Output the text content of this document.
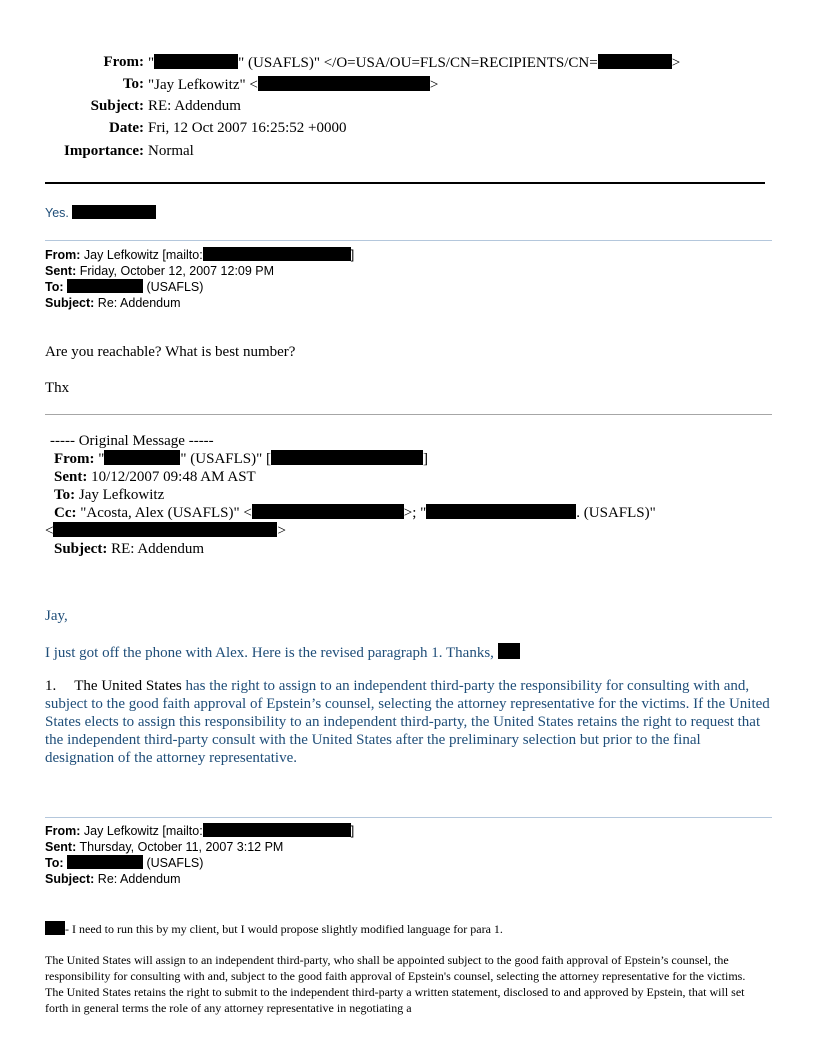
From: "	" (USAFLS)" </O=USA/OU=FLS/CN=RECIPIENTS/CN=	>
To: "Jay Lefkowitz" <	>
Subject: RE: Addendum
Date: Fri, 12 Oct 2007 16:25:52 +0000
Importance: Normal
Yes.
From: Jay Lefkowitz [mailto:	]
Sent: Friday, October 12, 2007 12:09 PM
To:	(USAFLS)
Subject: Re: Addendum
Are you reachable? What is best number?
Thx
----- Original Message -----
From: "	" (USAFLS)" [	]
Sent: 10/12/2007 09:48 AM AST
To: Jay Lefkowitz
Cc: "Acosta, Alex (USAFLS)" <	>; "	. (USAFLS)"
<	>
Subject: RE: Addendum
Jay,
I just got off the phone with Alex. Here is the revised paragraph 1. Thanks,
1. The United States has the right to assign to an independent third-party the responsibility for consulting with and, subject to the good faith approval of Epstein’s counsel, selecting the attorney representative for the victims. If the United States elects to assign this responsibility to an independent third-party, the United States retains the right to request that the independent third-party consult with the United States after the preliminary selection but prior to the final designation of the attorney representative.
From: Jay Lefkowitz [mailto:	]
Sent: Thursday, October 11, 2007 3:12 PM
To:	(USAFLS)
Subject: Re: Addendum
- I need to run this by my client, but I would propose slightly modified language for para 1.
The United States will assign to an independent third-party, who shall be appointed subject to the good faith approval of Epstein’s counsel, the responsibility for consulting with and, subject to the good faith approval of Epstein's counsel, selecting the attorney representative for the victims. The United States retains the right to submit to the independent third-party a written statement, disclosed to and approved by Epstein, that will set forth in general terms the role of any attorney representative in negotiating a
